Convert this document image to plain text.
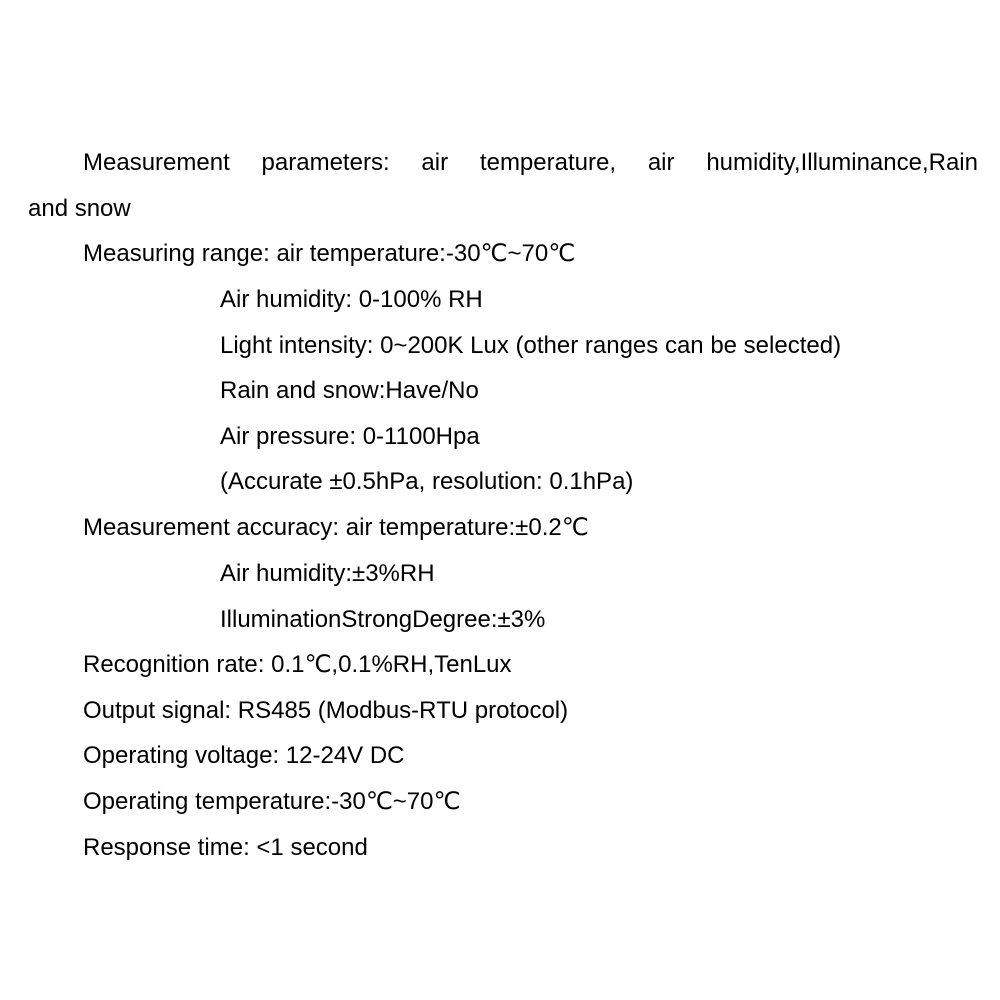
Measurement parameters: air temperature, air humidity,Illuminance,Rain
and snow
Measuring range: air temperature:-30℃~70℃
Air humidity: 0-100% RH
Light intensity: 0~200K Lux (other ranges can be selected)
Rain and snow:Have/No
Air pressure: 0-1100Hpa
(Accurate ±0.5hPa, resolution: 0.1hPa)
Measurement accuracy: air temperature:±0.2℃
Air humidity:±3%RH
IlluminationStrongDegree:±3%
Recognition rate: 0.1℃,0.1%RH,TenLux
Output signal: RS485 (Modbus-RTU protocol)
Operating voltage: 12-24V DC
Operating temperature:-30℃~70℃
Response time: <1 second
